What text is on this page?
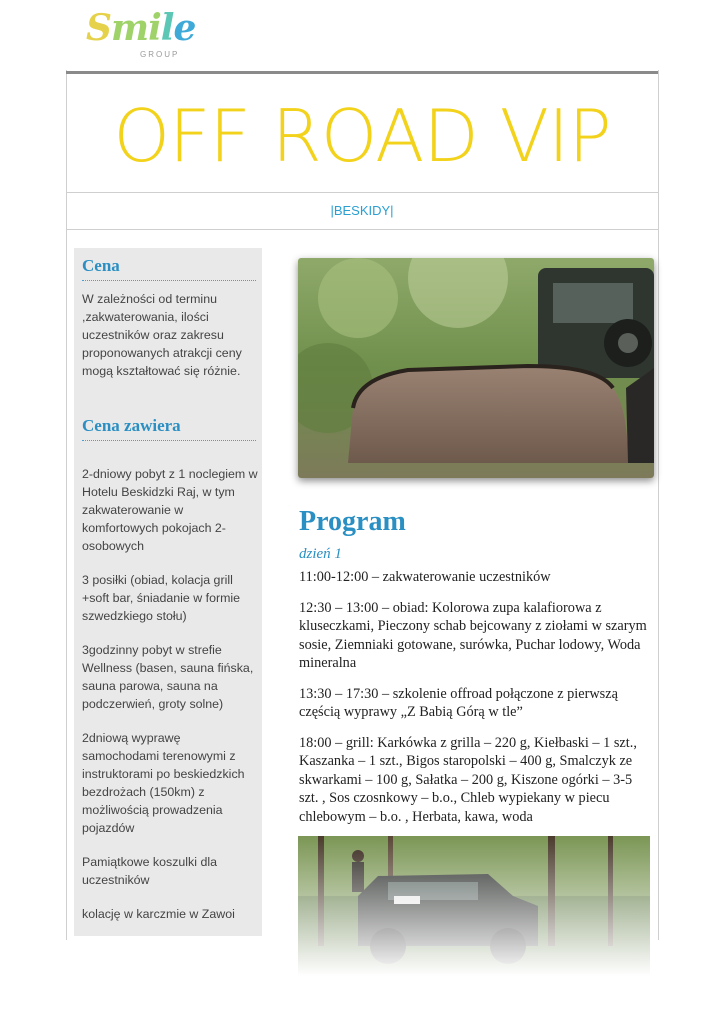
Smile
GROUP
OFF ROAD VIP
|BESKIDY|
Cena
W zależności od terminu ,zakwaterowania, ilości uczestników oraz zakresu proponowanych atrakcji ceny mogą kształtować się różnie.
Cena zawiera
2-dniowy pobyt z 1 noclegiem w Hotelu Beskidzki Raj, w tym zakwaterowanie w komfortowych pokojach 2-osobowych
3 posiłki (obiad, kolacja grill +soft bar, śniadanie w formie szwedzkiego stołu)
3godzinny pobyt w strefie Wellness (basen, sauna fińska, sauna parowa, sauna na podczerwień, groty solne)
2dniową wyprawę samochodami terenowymi z instruktorami po beskiedzkich bezdrożach (150km) z możliwością prowadzenia pojazdów
Pamiątkowe koszulki dla uczestników
kolację w karczmie w Zawoi
Program
dzień 1

11:00-12:00 – zakwaterowanie uczestników

12:30 – 13:00 – obiad: Kolorowa zupa kalafiorowa z kluseczkami, Pieczony schab bejcowany z ziołami w szarym sosie, Ziemniaki gotowane, surówka, Puchar lodowy, Woda mineralna

13:30 – 17:30 – szkolenie offroad połączone z pierwszą częścią wyprawy „Z Babią Górą w tle”

18:00 – grill: Karkówka z grilla – 220 g, Kiełbaski – 1 szt., Kaszanka – 1 szt., Bigos staropolski – 400 g, Smalczyk ze skwarkami – 100 g, Sałatka – 200 g, Kiszone ogórki – 3-5 szt. , Sos czosnkowy – b.o., Chleb wypiekany w piecu chlebowym – b.o. , Herbata, kawa, woda
